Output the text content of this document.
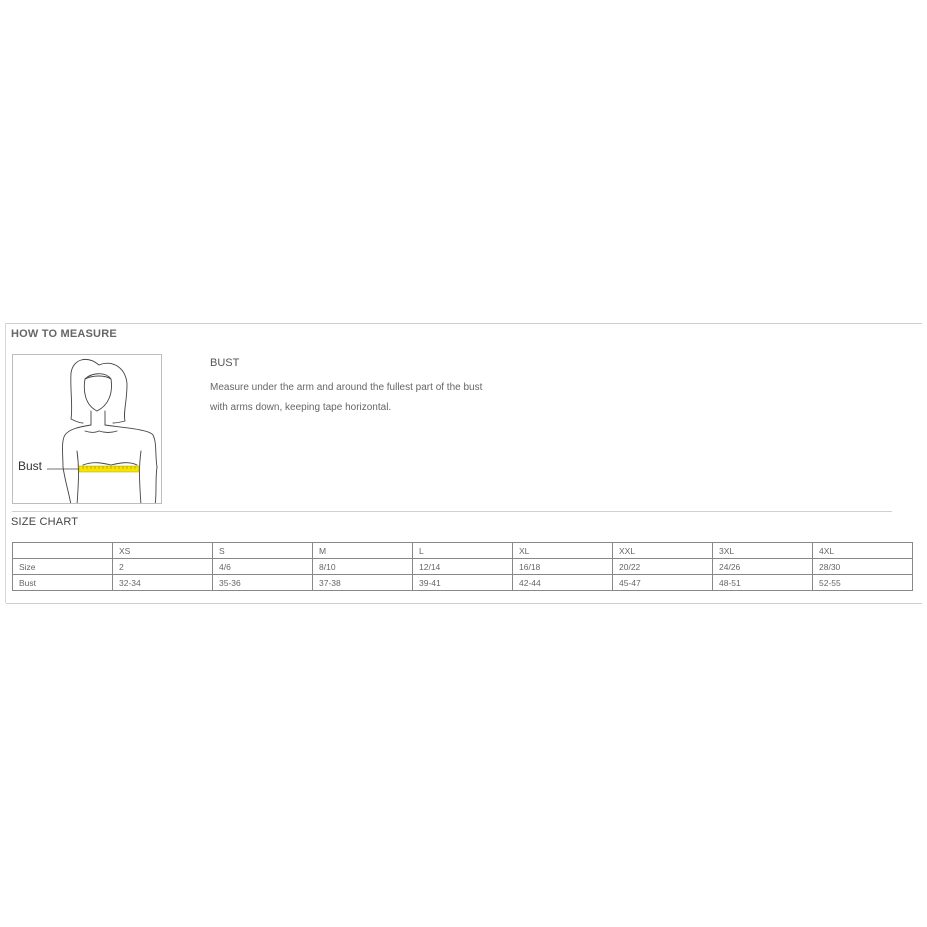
HOW TO MEASURE
Bust
BUST
Measure under the arm and around the fullest part of the bust
with arms down, keeping tape horizontal.
SIZE CHART
	XS	S	M	L	XL	XXL	3XL	4XL
Size	2	4/6	8/10	12/14	16/18	20/22	24/26	28/30
Bust	32-34	35-36	37-38	39-41	42-44	45-47	48-51	52-55
